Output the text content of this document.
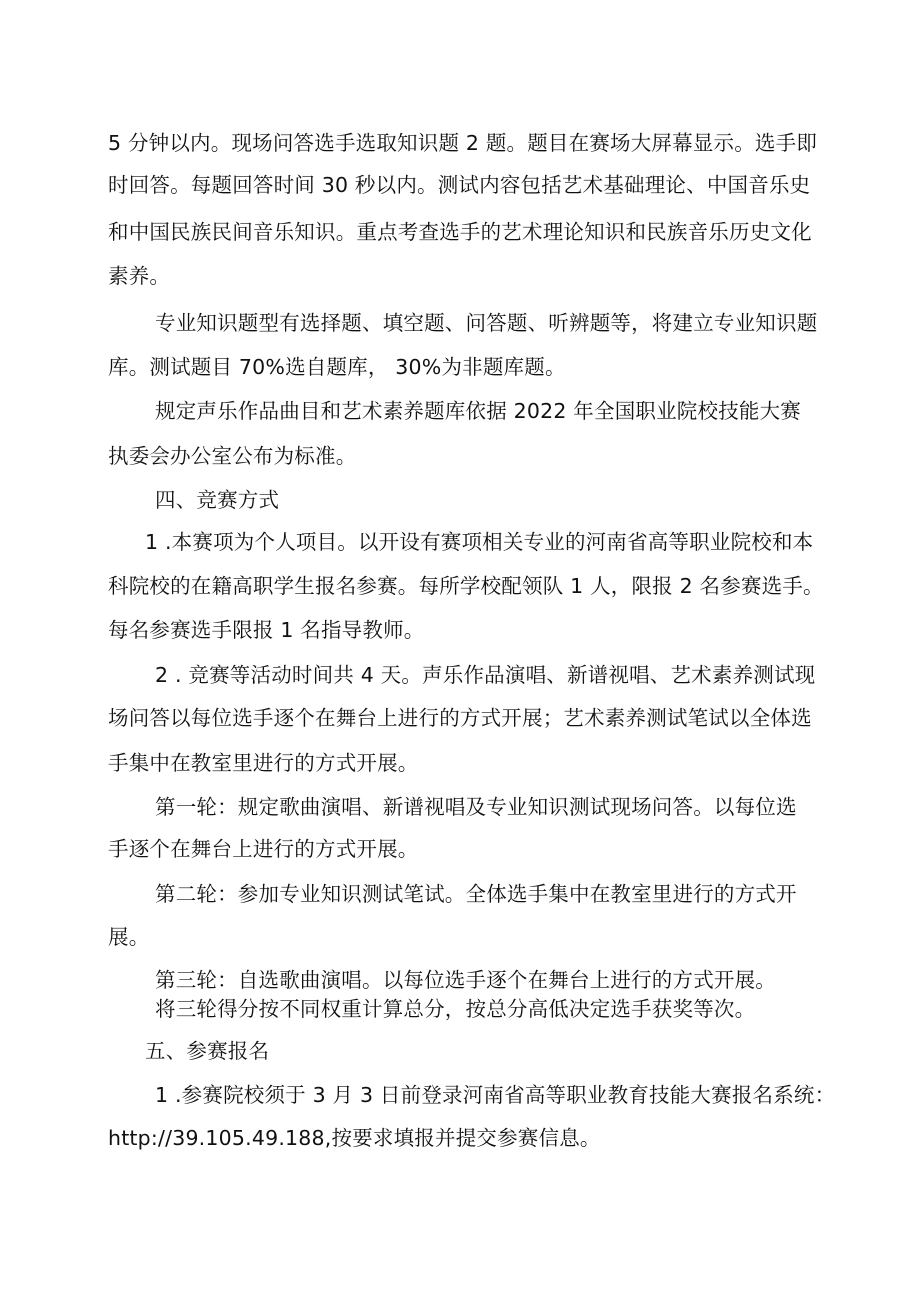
5 分钟以内。现场问答选手选取知识题 2 题。题目在赛场大屏幕显示。选手即
时回答。每题回答时间 30 秒以内。测试内容包括艺术基础理论、中国音乐史
和中国民族民间音乐知识。重点考查选手的艺术理论知识和民族音乐历史文化
素养。
专业知识题型有选择题、填空题、问答题、听辨题等，将建立专业知识题
库。测试题目 70%选自题库， 30%为非题库题。
规定声乐作品曲目和艺术素养题库依据 2022 年全国职业院校技能大赛
执委会办公室公布为标准。
四、竞赛方式
1 .本赛项为个人项目。以开设有赛项相关专业的河南省高等职业院校和本
科院校的在籍高职学生报名参赛。每所学校配领队 1 人，限报 2 名参赛选手。
每名参赛选手限报 1 名指导教师。
2 . 竞赛等活动时间共 4 天。声乐作品演唱、新谱视唱、艺术素养测试现
场问答以每位选手逐个在舞台上进行的方式开展；艺术素养测试笔试以全体选
手集中在教室里进行的方式开展。
第一轮：规定歌曲演唱、新谱视唱及专业知识测试现场问答。以每位选
手逐个在舞台上进行的方式开展。
第二轮：参加专业知识测试笔试。全体选手集中在教室里进行的方式开
展。
第三轮：自选歌曲演唱。以每位选手逐个在舞台上进行的方式开展。
将三轮得分按不同权重计算总分，按总分高低决定选手获奖等次。
五、参赛报名
1 .参赛院校须于 3 月 3 日前登录河南省高等职业教育技能大赛报名系统：
http://39.105.49.188,按要求填报并提交参赛信息。
